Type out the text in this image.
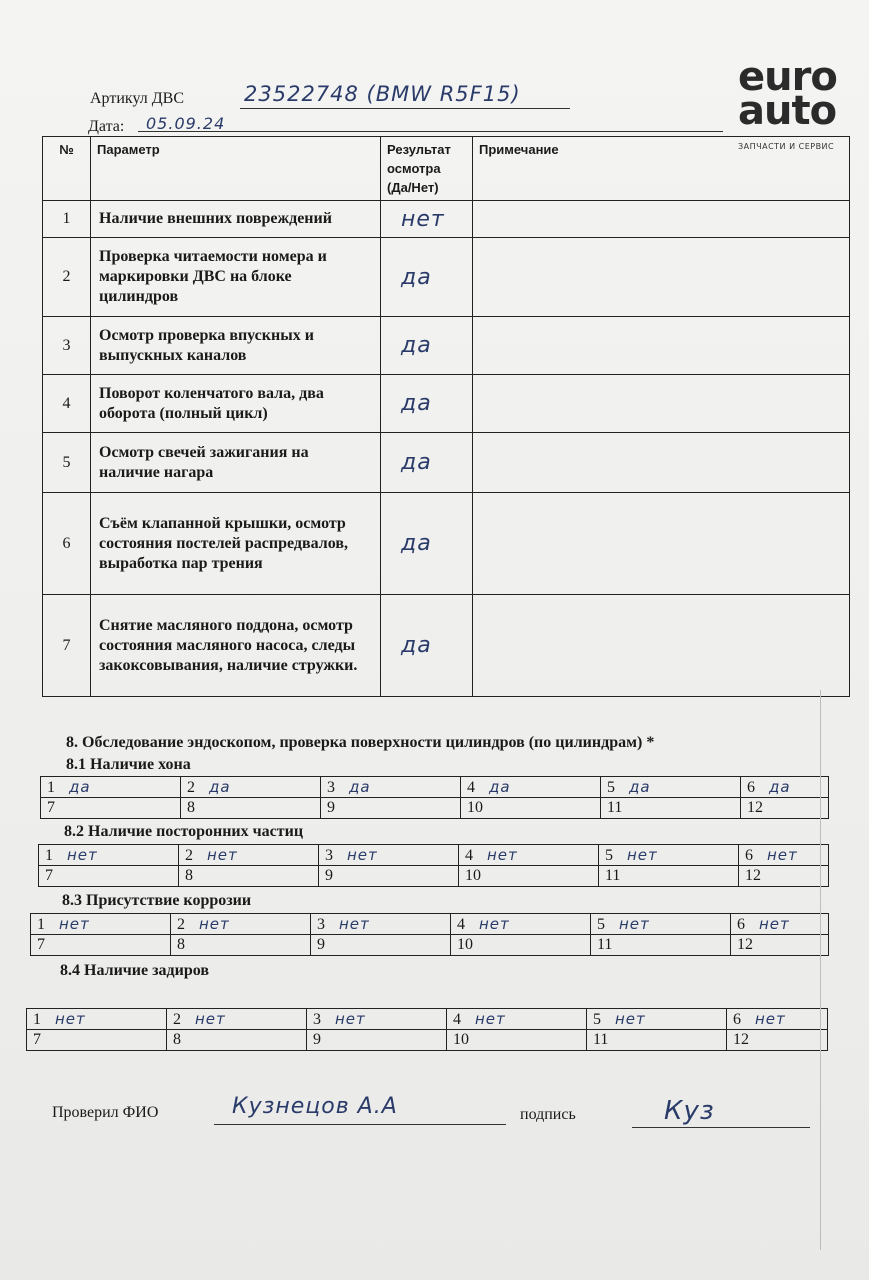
Артикул ДВС	23522748 (BMW R5F15)
Дата: 05.09.24
euro
auto
ЗАПЧАСТИ И СЕРВИС
№	Параметр	Результат осмотра (Да/Нет)	Примечание
1	Наличие внешних повреждений	нет	
2	Проверка читаемости номера и маркировки ДВС на блоке цилиндров	да	
3	Осмотр проверка впускных и выпускных каналов	да	
4	Поворот коленчатого вала, два оборота (полный цикл)	да	
5	Осмотр свечей зажигания на наличие нагара	да	
6	Съём клапанной крышки, осмотр состояния постелей распредвалов, выработка пар трения	да	
7	Снятие масляного поддона, осмотр состояния масляного насоса, следы закоксовывания, наличие стружки.	да	
8. Обследование эндоскопом, проверка поверхности цилиндров (по цилиндрам) *
8.1 Наличие хона
1 да	2 да	3 да	4 да	5 да	6 да
7	8	9	10	11	12
8.2 Наличие посторонних частиц
1 нет	2 нет	3 нет	4 нет	5 нет	6 нет
7	8	9	10	11	12
8.3 Присутствие коррозии
1 нет	2 нет	3 нет	4 нет	5 нет	6 нет
7	8	9	10	11	12
8.4 Наличие задиров
1 нет	2 нет	3 нет	4 нет	5 нет	6 нет
7	8	9	10	11	12
Проверил ФИО	Кузнецов А.А	подпись	Куз
